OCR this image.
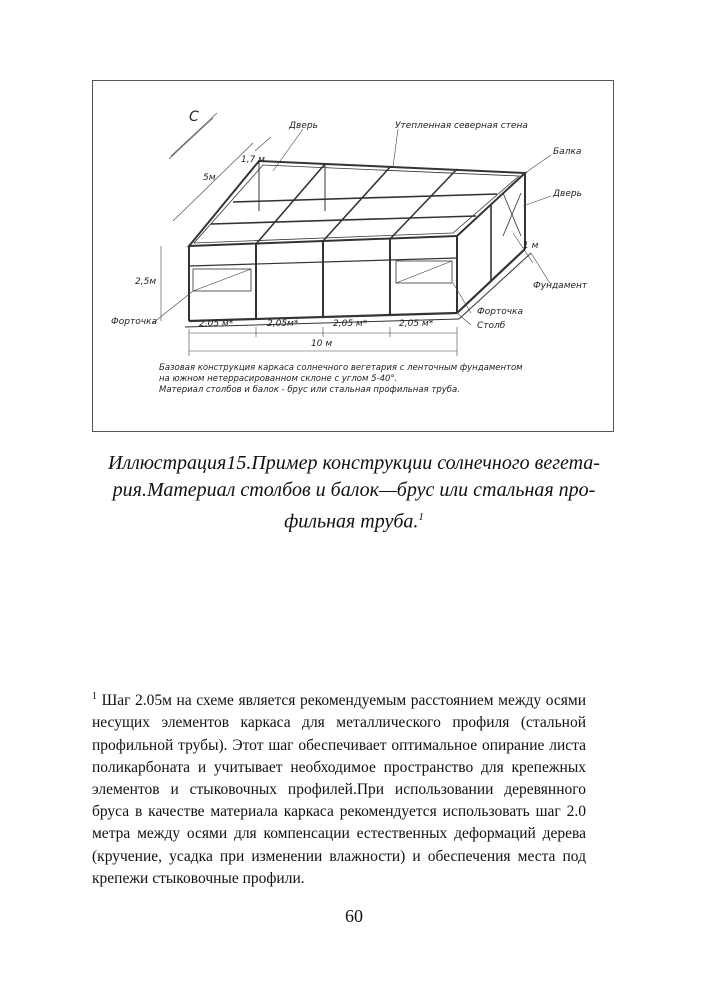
С
Дверь	Утепленная северная стена
Балка
Дверь
5м
1,7 м
2,5м
1 м
Фундамент
Форточка
Столб
Форточка	2,05 м*	2,05м*	2,05 м*	2,05 м*
10 м
Базовая конструкция каркаса солнечного вегетария с ленточным фундаментом
на южном нетеррасированном склоне с углом 5-40°.
Материал столбов и балок - брус или стальная профильная труба.
Иллюстрация15.Пример конструкции солнечного вегета-
рия.Материал столбов и балок—брус или стальная про-
фильная труба.$^1$
$^1$ Шаг 2.05м на схеме является рекомендуемым расстоянием между осями несущих элементов каркаса для металлического профиля (стальной профильной трубы). Этот шаг обеспечивает оптимальное опирание листа поликарбоната и учитывает необходимое пространство для крепежных элементов и стыковочных профилей.При использовании деревянного бруса в качестве материала каркаса рекомендуется использовать шаг 2.0 метра между осями для компенсации естественных деформаций дерева (кручение, усадка при изменении влажности) и обеспечения места под крепежи стыковочные профили.
60
